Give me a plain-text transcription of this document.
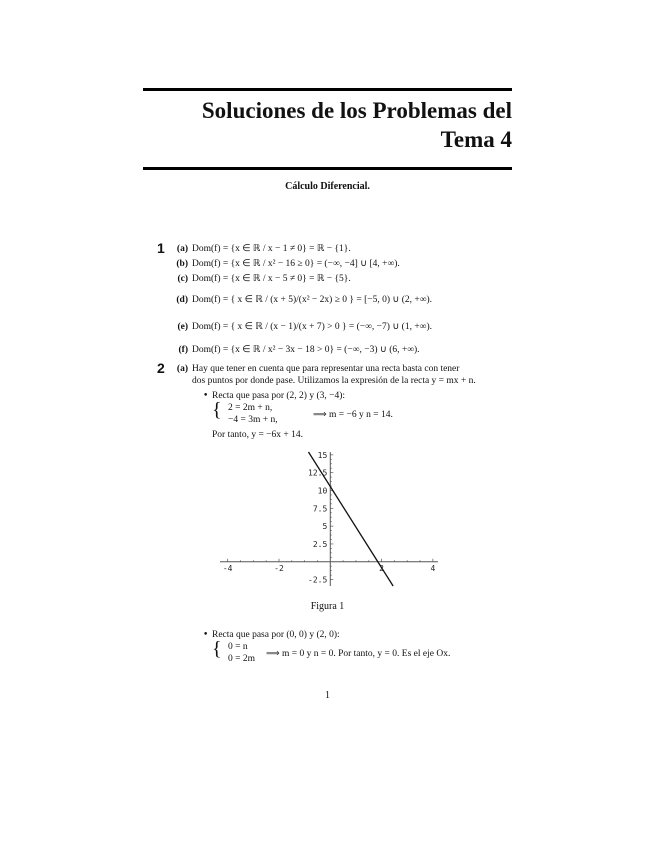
Soluciones de los Problemas del
Tema 4
Cálculo Diferencial.
1	(a) Dom(f) = {x ∈ ℝ / x − 1 ≠ 0} = ℝ − {1}.
(b) Dom(f) = {x ∈ ℝ / x² − 16 ≥ 0} = (−∞, −4] ∪ [4, +∞).
(c) Dom(f) = {x ∈ ℝ / x − 5 ≠ 0} = ℝ − {5}.
(d) Dom(f) = { x ∈ ℝ / (x + 5)/(x² − 2x) ≥ 0 } = [−5, 0) ∪ (2, +∞).
(e) Dom(f) = { x ∈ ℝ / (x − 1)/(x + 7) > 0 } = (−∞, −7) ∪ (1, +∞).
(f) Dom(f) = {x ∈ ℝ / x² − 3x − 18 > 0} = (−∞, −3) ∪ (6, +∞).
2	(a) Hay que tener en cuenta que para representar una recta basta con tener
dos puntos por donde pase. Utilizamos la expresión de la recta y = mx + n.
• Recta que pasa por (2, 2) y (3, −4):
{ 2 = 2m + n,
−4 = 3m + n,	⟹ m = −6 y n = 14.
Por tanto, y = −6x + 14.
-4	-2	2	4
15
12.5
10
7.5
5
2.5
-2.5
Figura 1
• Recta que pasa por (0, 0) y (2, 0):
{ 0 = n
0 = 2m ⟹ m = 0 y n = 0. Por tanto, y = 0. Es el eje Ox.
1
